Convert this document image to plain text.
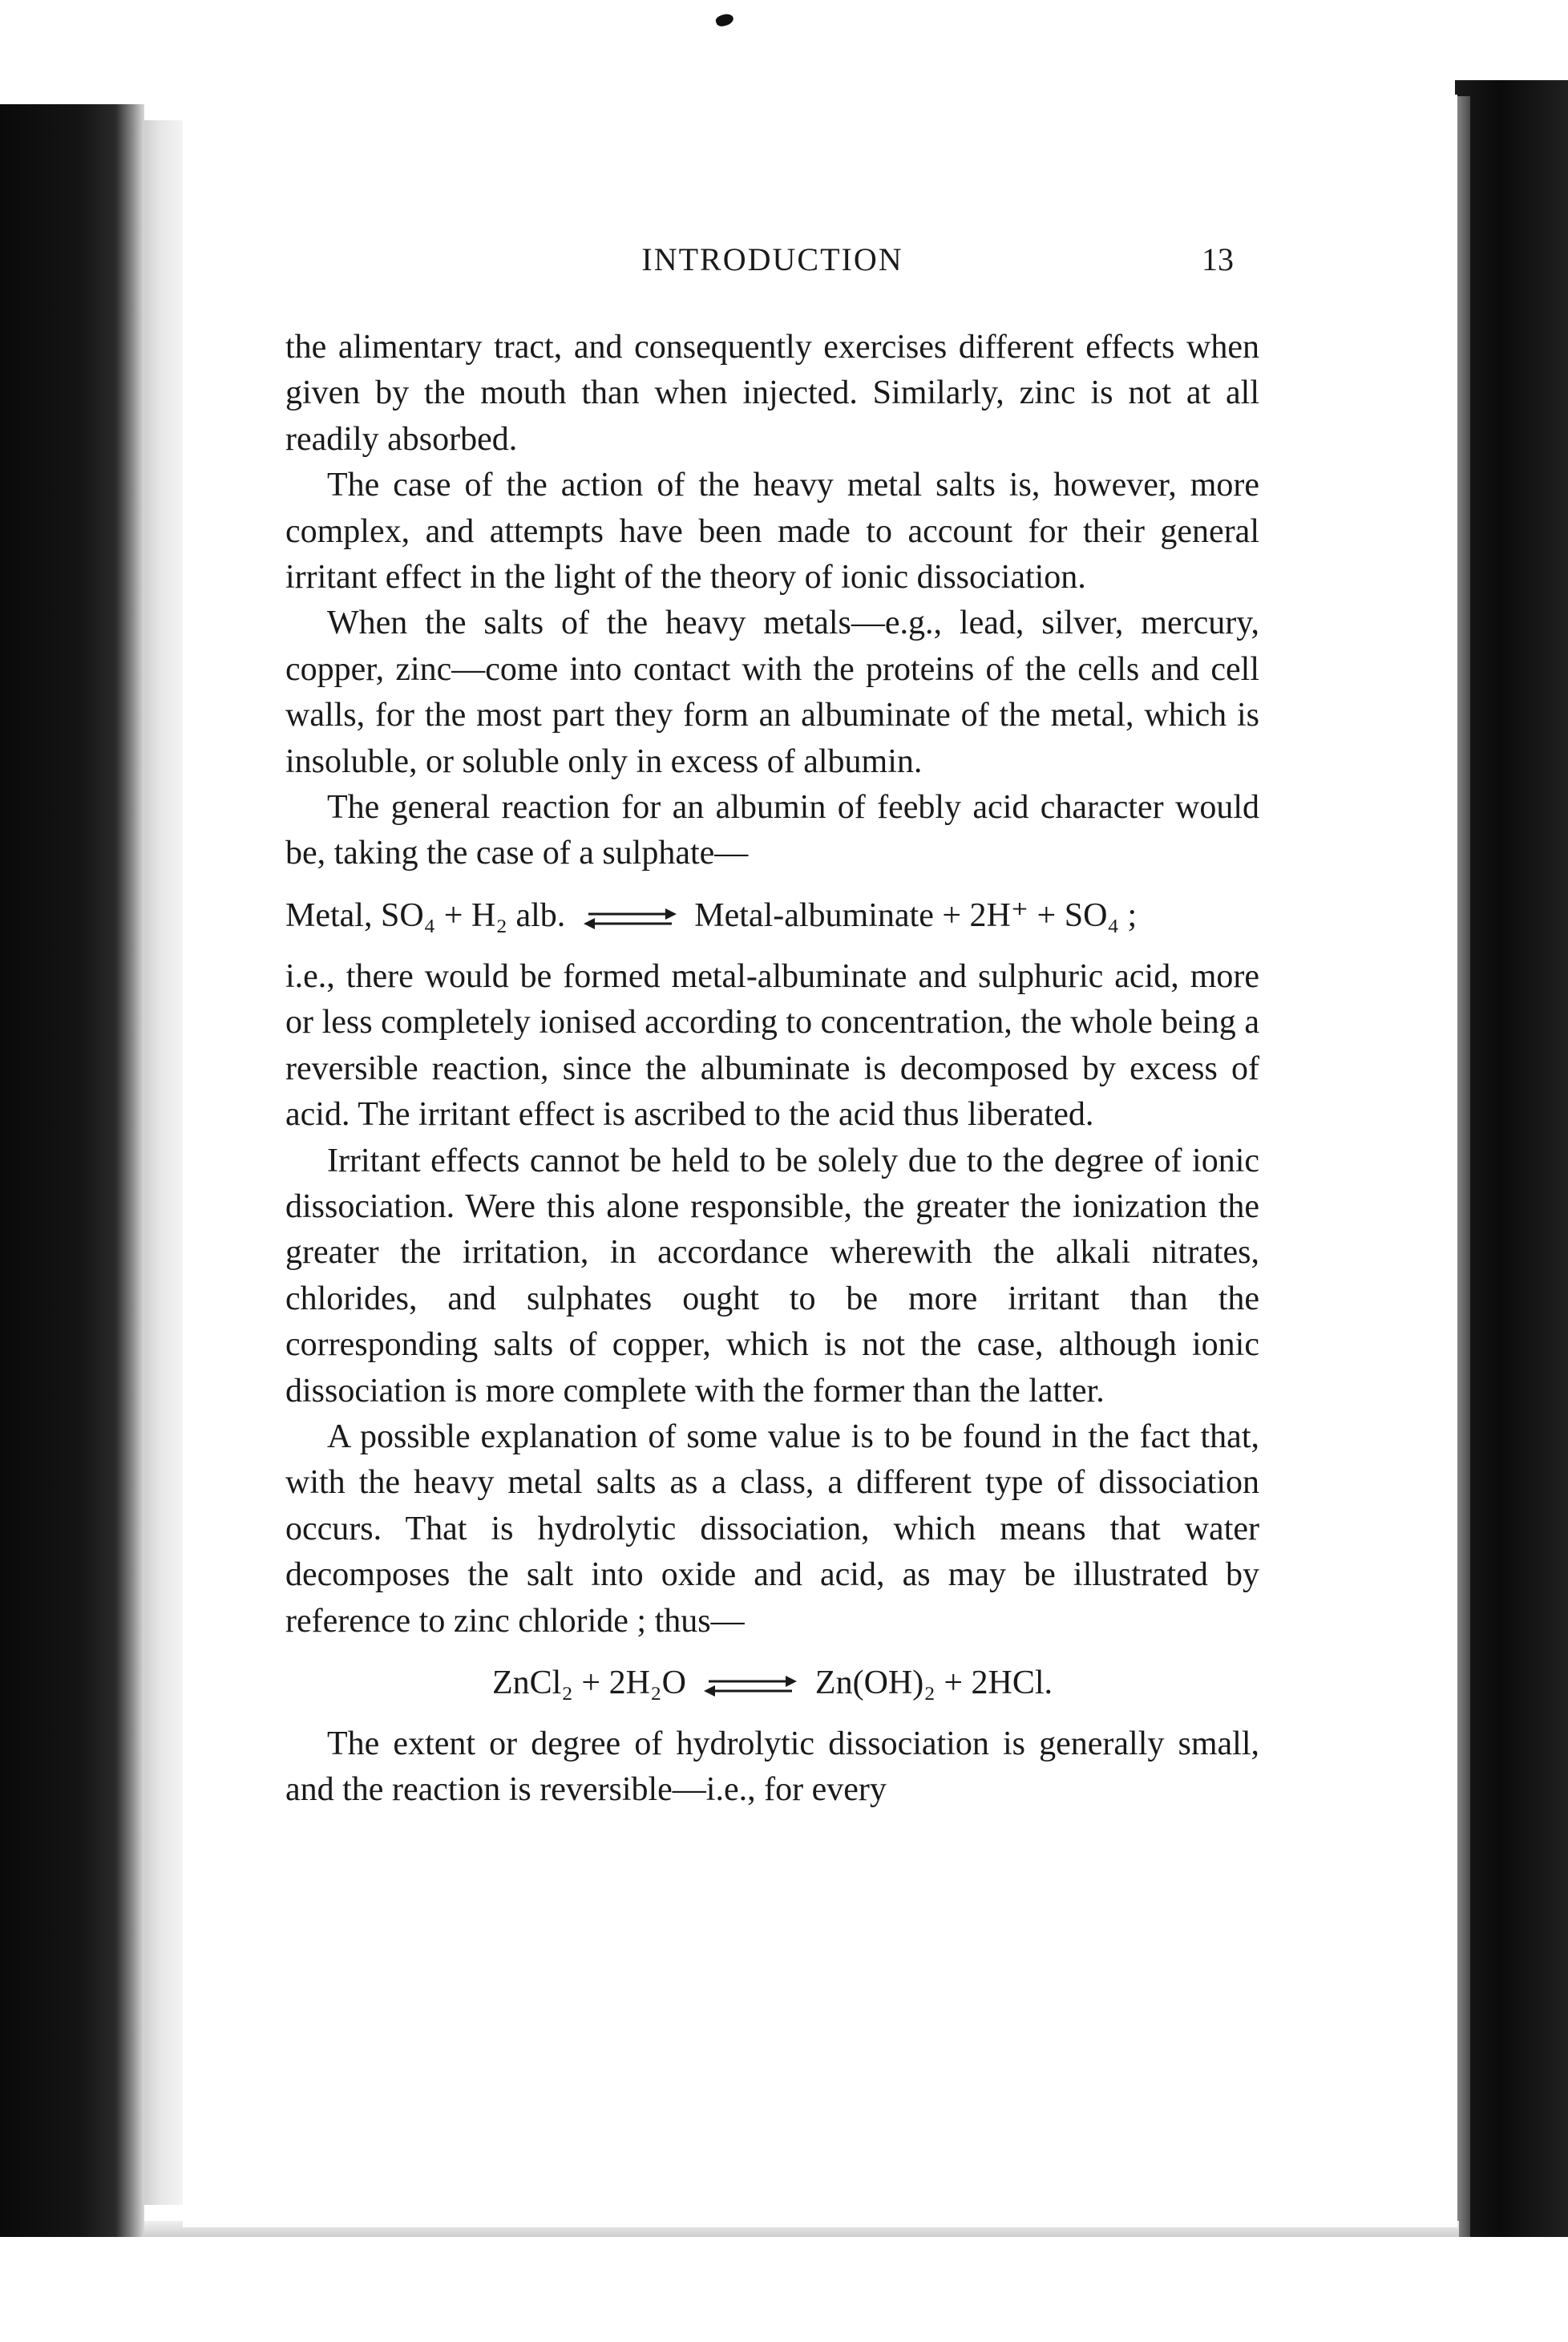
INTRODUCTION	13

the alimentary tract, and consequently exercises different effects when given by the mouth than when injected. Similarly, zinc is not at all readily absorbed.

The case of the action of the heavy metal salts is, however, more complex, and attempts have been made to account for their general irritant effect in the light of the theory of ionic dissociation.

When the salts of the heavy metals—e.g., lead, silver, mercury, copper, zinc—come into contact with the proteins of the cells and cell walls, for the most part they form an albuminate of the metal, which is insoluble, or soluble only in excess of albumin.

The general reaction for an albumin of feebly acid character would be, taking the case of a sulphate—

Metal, SO₄ + H₂ alb. ⇌ Metal-albuminate + 2H⁺ + SO₄ ;

i.e., there would be formed metal-albuminate and sulphuric acid, more or less completely ionised according to concentration, the whole being a reversible reaction, since the albuminate is decomposed by excess of acid. The irritant effect is ascribed to the acid thus liberated.

Irritant effects cannot be held to be solely due to the degree of ionic dissociation. Were this alone responsible, the greater the ionization the greater the irritation, in accordance wherewith the alkali nitrates, chlorides, and sulphates ought to be more irritant than the corresponding salts of copper, which is not the case, although ionic dissociation is more complete with the former than the latter.

A possible explanation of some value is to be found in the fact that, with the heavy metal salts as a class, a different type of dissociation occurs. That is hydrolytic dissociation, which means that water decomposes the salt into oxide and acid, as may be illustrated by reference to zinc chloride ; thus—

ZnCl₂ + 2H₂O ⇌ Zn(OH)₂ + 2HCl.

The extent or degree of hydrolytic dissociation is generally small, and the reaction is reversible—i.e., for every
